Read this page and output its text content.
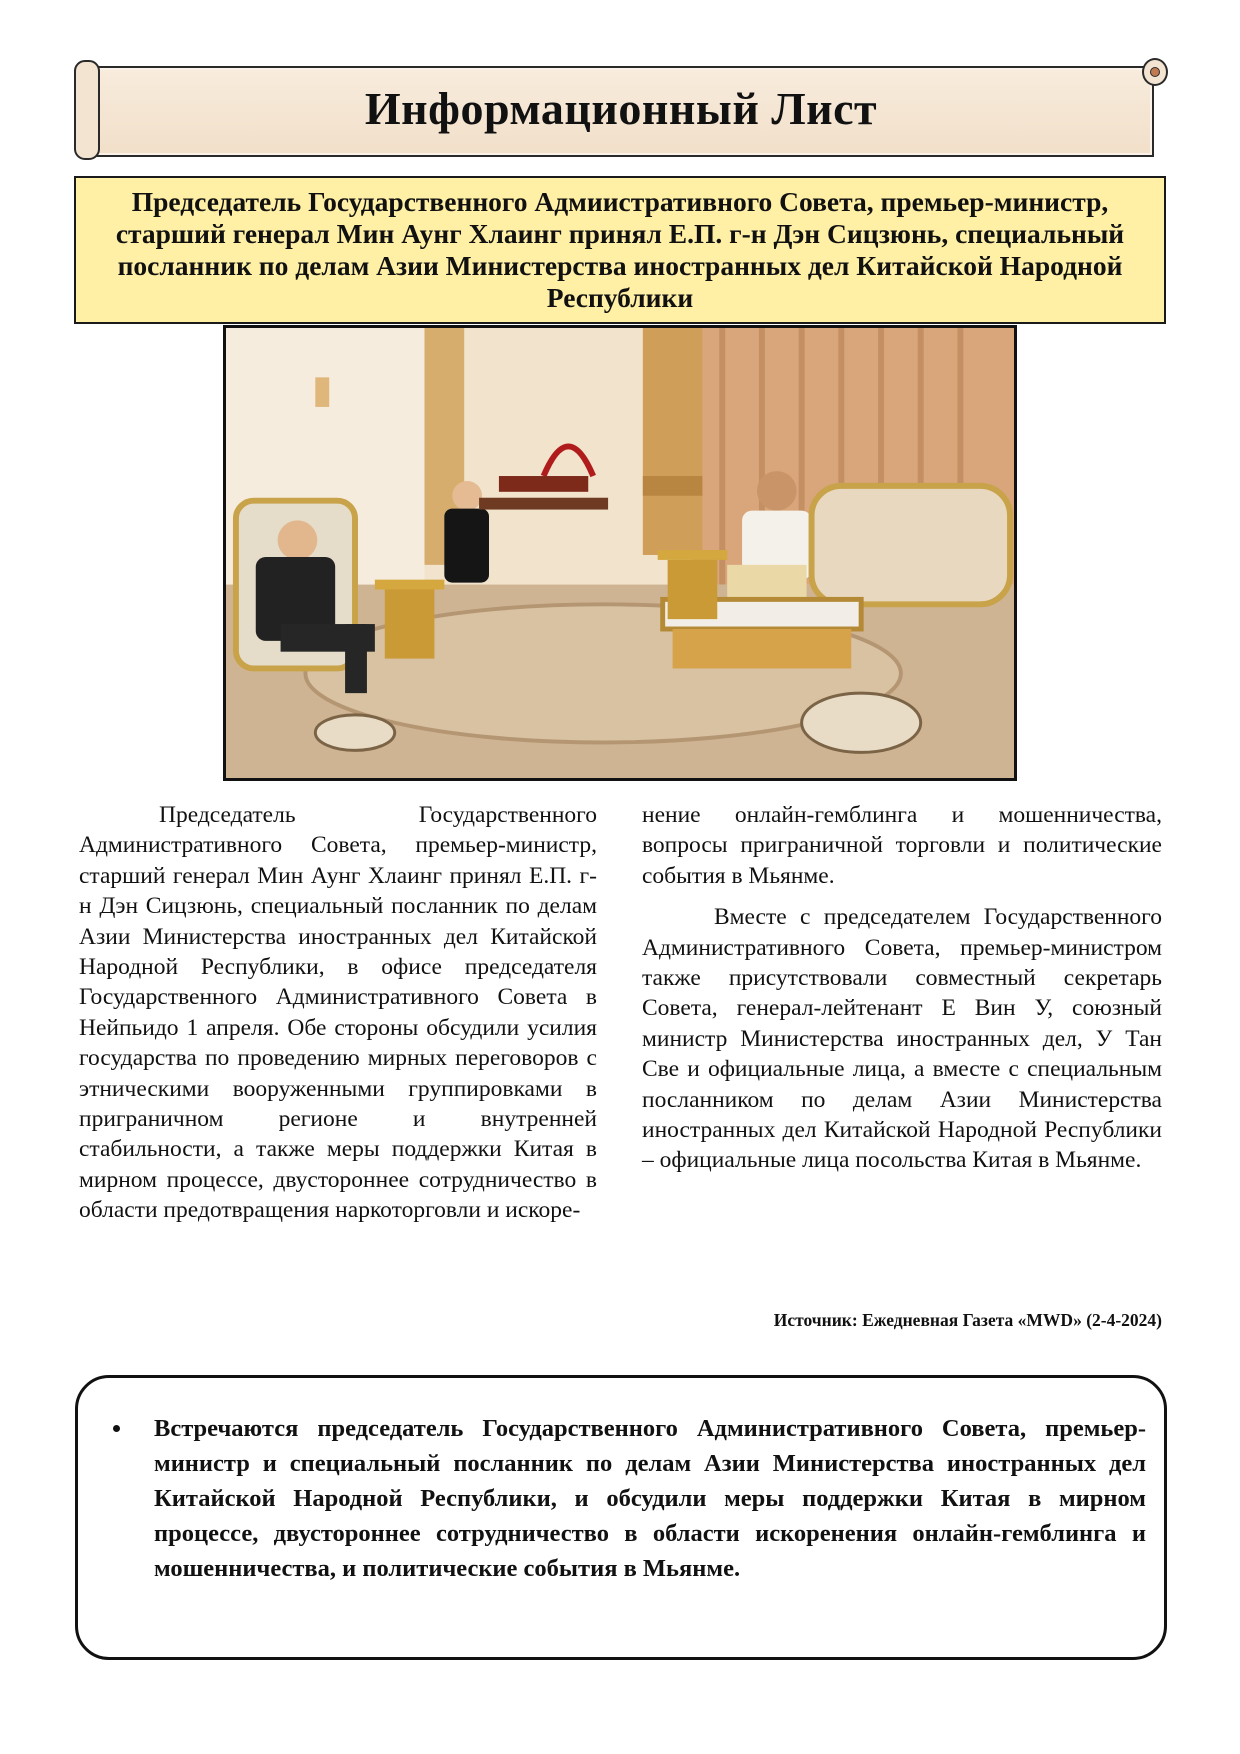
Информационный Лист
Председатель Государственного Адмиистративного Совета, премьер-министр, старший генерал Мин Аунг Хлаинг принял Е.П. г-н Дэн Сицзюнь, специальный посланник по делам Азии Министерства иностранных дел Китайской Народной Республики

Председатель Государственного Административного Совета, премьер-министр, старший генерал Мин Аунг Хлаинг принял Е.П. г-н Дэн Сицзюнь, специальный посланник по делам Азии Министерства иностранных дел Китайской Народной Республики, в офисе председателя Государственного Административного Совета в Нейпьидо 1 апреля. Обе стороны обсудили усилия государства по проведению мирных переговоров с этническими вооруженными группировками в приграничном регионе и внутренней стабильности, а также меры поддержки Китая в мирном процессе, двустороннее сотрудничество в области предотвращения наркоторговли и искоре-

нение онлайн-гемблинга и мошенничества, вопросы приграничной торговли и политические события в Мьянме.

Вместе с председателем Государственного Административного Совета, премьер-министром также присутствовали совместный секретарь Совета, генерал-лейтенант Е Вин У, союзный министр Министерства иностранных дел, У Тан Све и официальные лица, а вместе с специальным посланником по делам Азии Министерства иностранных дел Китайской Народной Республики – официальные лица посольства Китая в Мьянме.

Источник: Ежедневная Газета «MWD» (2-4-2024)
• Встречаются председатель Государственного Административного Совета, премьер-министр и специальный посланник по делам Азии Министерства иностранных дел Китайской Народной Республики, и обсудили меры поддержки Китая в мирном процессе, двустороннее сотрудничество в области искоренения онлайн-гемблинга и мошенничества, и политические события в Мьянме.
